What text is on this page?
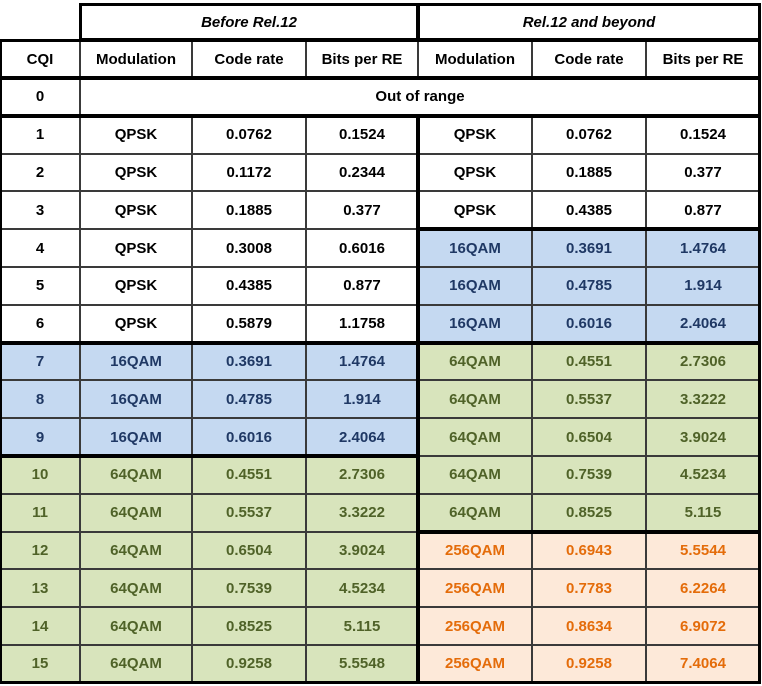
Before Rel.12	Rel.12 and beyond
CQI	Modulation	Code rate	Bits per RE	Modulation	Code rate	Bits per RE
0	Out of range
1	QPSK	0.0762	0.1524	QPSK	0.0762	0.1524
2	QPSK	0.1172	0.2344	QPSK	0.1885	0.377
3	QPSK	0.1885	0.377	QPSK	0.4385	0.877
4	QPSK	0.3008	0.6016	16QAM	0.3691	1.4764
5	QPSK	0.4385	0.877	16QAM	0.4785	1.914
6	QPSK	0.5879	1.1758	16QAM	0.6016	2.4064
7	16QAM	0.3691	1.4764	64QAM	0.4551	2.7306
8	16QAM	0.4785	1.914	64QAM	0.5537	3.3222
9	16QAM	0.6016	2.4064	64QAM	0.6504	3.9024
10	64QAM	0.4551	2.7306	64QAM	0.7539	4.5234
11	64QAM	0.5537	3.3222	64QAM	0.8525	5.115
12	64QAM	0.6504	3.9024	256QAM	0.6943	5.5544
13	64QAM	0.7539	4.5234	256QAM	0.7783	6.2264
14	64QAM	0.8525	5.115	256QAM	0.8634	6.9072
15	64QAM	0.9258	5.5548	256QAM	0.9258	7.4064
